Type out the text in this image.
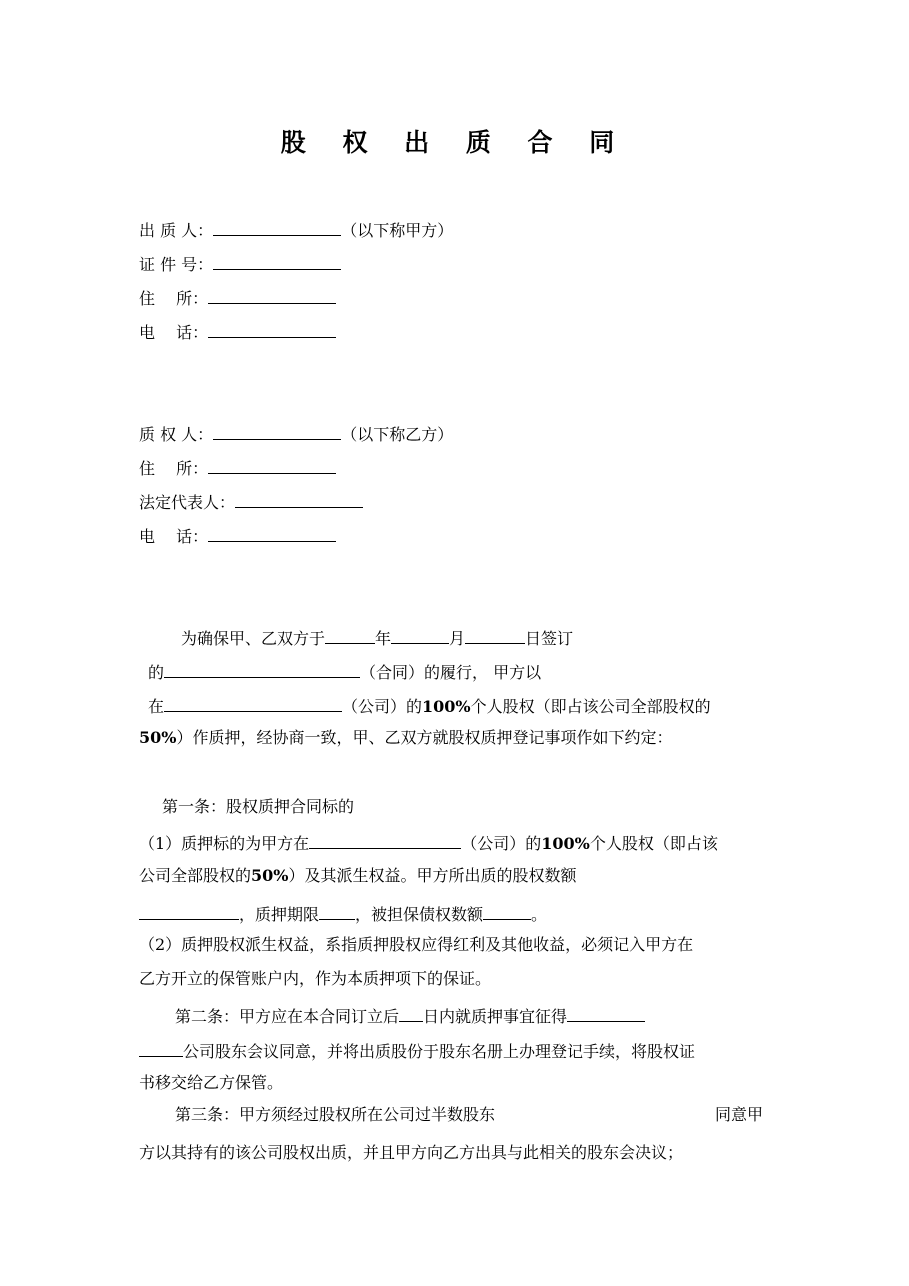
股 权 出 质 合 同
出 质 人：	（以下称甲方）
证 件 号：
住　 所：
电　 话：
质 权 人：	（以下称乙方）
住　 所：
法定代表人：
电　 话：
为确保甲、乙双方于	年	月	日签订
的	（合同）的履行， 甲方以
在	（公司）的100%个人股权（即占该公司全部股权的
50%）作质押，经协商一致，甲、乙双方就股权质押登记事项作如下约定：
第一条：股权质押合同标的
（1）质押标的为甲方在	（公司）的100%个人股权（即占该
公司全部股权的50%）及其派生权益。甲方所出质的股权数额
，质押期限 ，被担保债权数额	。
（2）质押股权派生权益，系指质押股权应得红利及其他收益，必须记入甲方在
乙方开立的保管账户内，作为本质押项下的保证。
第二条：甲方应在本合同订立后 日内就质押事宜征得
公司股东会议同意，并将出质股份于股东名册上办理登记手续，将股权证
书移交给乙方保管。
第三条：甲方须经过股权所在公司过半数股东	同意甲
方以其持有的该公司股权出质，并且甲方向乙方出具与此相关的股东会决议；
